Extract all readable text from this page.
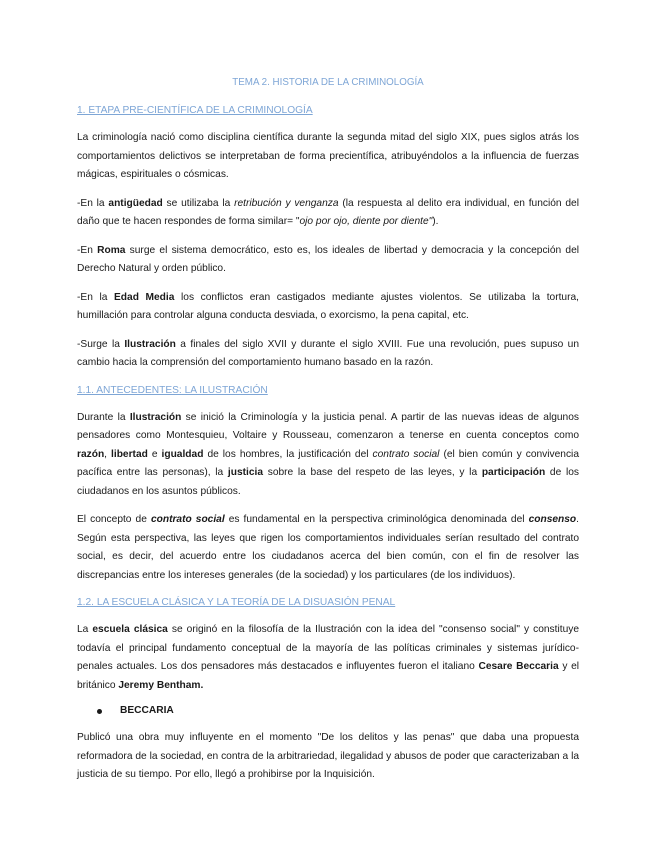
TEMA 2. HISTORIA DE LA CRIMINOLOGÍA
1. ETAPA PRE-CIENTÍFICA DE LA CRIMINOLOGÍA
La criminología nació como disciplina científica durante la segunda mitad del siglo XIX, pues siglos atrás los comportamientos delictivos se interpretaban de forma precientífica, atribuyéndolos a la influencia de fuerzas mágicas, espirituales o cósmicas.
-En la antigüedad se utilizaba la retribución y venganza (la respuesta al delito era individual, en función del daño que te hacen respondes de forma similar= "ojo por ojo, diente por diente").
-En Roma surge el sistema democrático, esto es, los ideales de libertad y democracia y la concepción del Derecho Natural y orden público.
-En la Edad Media los conflictos eran castigados mediante ajustes violentos. Se utilizaba la tortura, humillación para controlar alguna conducta desviada, o exorcismo, la pena capital, etc.
-Surge la Ilustración a finales del siglo XVII y durante el siglo XVIII. Fue una revolución, pues supuso un cambio hacia la comprensión del comportamiento humano basado en la razón.
1.1. ANTECEDENTES: LA ILUSTRACIÓN
Durante la Ilustración se inició la Criminología y la justicia penal. A partir de las nuevas ideas de algunos pensadores como Montesquieu, Voltaire y Rousseau, comenzaron a tenerse en cuenta conceptos como razón, libertad e igualdad de los hombres, la justificación del contrato social (el bien común y convivencia pacífica entre las personas), la justicia sobre la base del respeto de las leyes, y la participación de los ciudadanos en los asuntos públicos.
El concepto de contrato social es fundamental en la perspectiva criminológica denominada del consenso. Según esta perspectiva, las leyes que rigen los comportamientos individuales serían resultado del contrato social, es decir, del acuerdo entre los ciudadanos acerca del bien común, con el fin de resolver las discrepancias entre los intereses generales (de la sociedad) y los particulares (de los individuos).
1.2. LA ESCUELA CLÁSICA Y LA TEORÍA DE LA DISUASIÓN PENAL
La escuela clásica se originó en la filosofía de la Ilustración con la idea del "consenso social" y constituye todavía el principal fundamento conceptual de la mayoría de las políticas criminales y sistemas jurídico-penales actuales. Los dos pensadores más destacados e influyentes fueron el italiano Cesare Beccaria y el británico Jeremy Bentham.
BECCARIA
Publicó una obra muy influyente en el momento "De los delitos y las penas" que daba una propuesta reformadora de la sociedad, en contra de la arbitrariedad, ilegalidad y abusos de poder que caracterizaban a la justicia de su tiempo. Por ello, llegó a prohibirse por la Inquisición.
